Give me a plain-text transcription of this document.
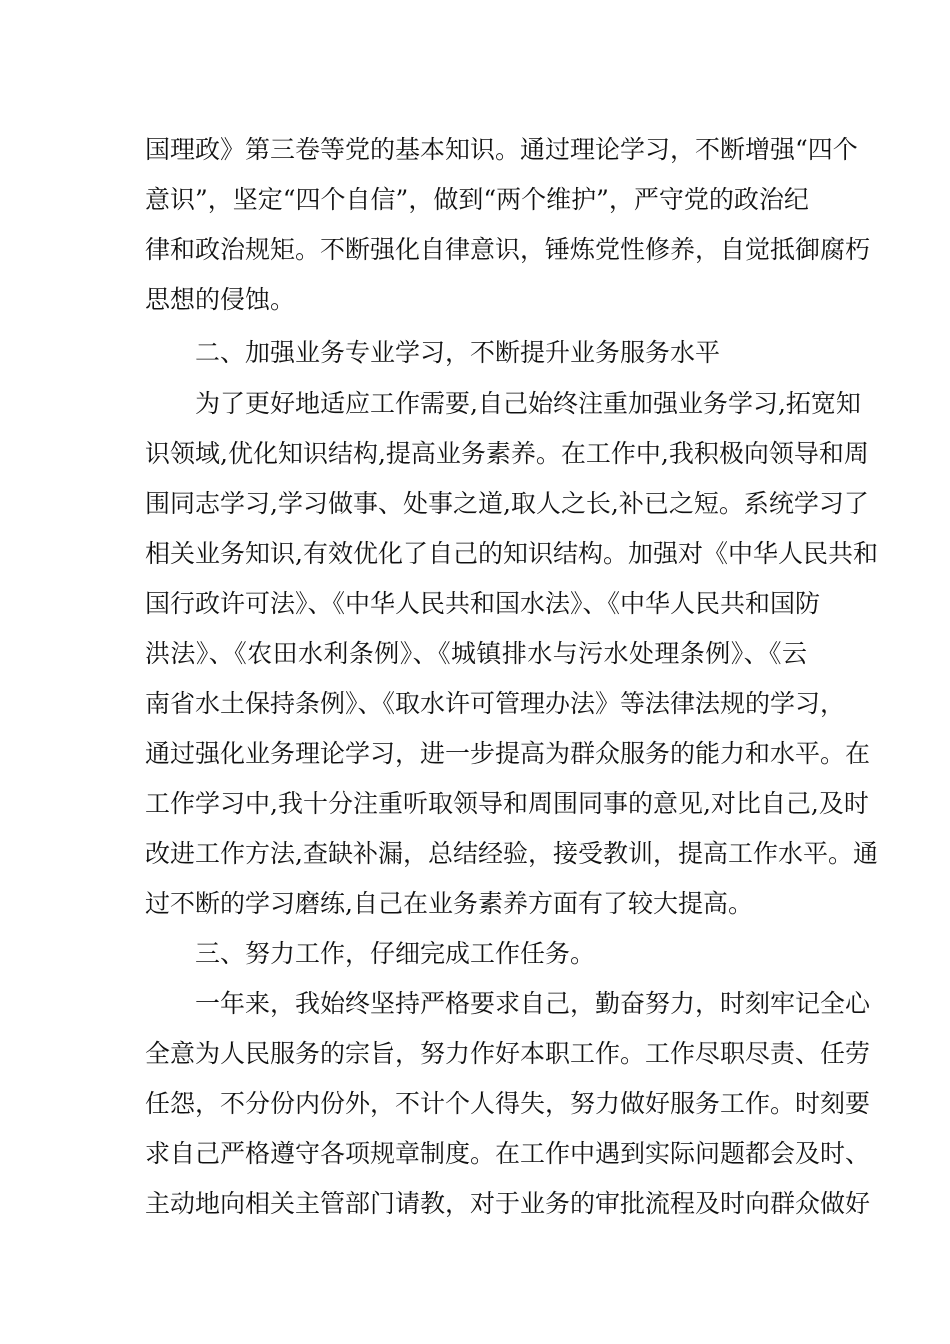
国理政》第三卷等党的基本知识。通过理论学习，不断增强“四个
意识”，坚定“四个自信”，做到“两个维护”，严守党的政治纪
律和政治规矩。不断强化自律意识，锤炼党性修养，自觉抵御腐朽
思想的侵蚀。
二、加强业务专业学习，不断提升业务服务水平
为了更好地适应工作需要,自己始终注重加强业务学习,拓宽知
识领域,优化知识结构,提高业务素养。在工作中,我积极向领导和周
围同志学习,学习做事、处事之道,取人之长,补已之短。系统学习了
相关业务知识,有效优化了自己的知识结构。加强对《中华人民共和
国行政许可法》、《中华人民共和国水法》、《中华人民共和国防
洪法》、《农田水利条例》、《城镇排水与污水处理条例》、《云
南省水土保持条例》、《取水许可管理办法》等法律法规的学习，
通过强化业务理论学习，进一步提高为群众服务的能力和水平。在
工作学习中,我十分注重听取领导和周围同事的意见,对比自己,及时
改进工作方法,查缺补漏，总结经验，接受教训，提高工作水平。通
过不断的学习磨练,自己在业务素养方面有了较大提高。
三、努力工作，仔细完成工作任务。
一年来，我始终坚持严格要求自己，勤奋努力，时刻牢记全心
全意为人民服务的宗旨，努力作好本职工作。工作尽职尽责、任劳
任怨，不分份内份外，不计个人得失，努力做好服务工作。时刻要
求自己严格遵守各项规章制度。在工作中遇到实际问题都会及时、
主动地向相关主管部门请教，对于业务的审批流程及时向群众做好
